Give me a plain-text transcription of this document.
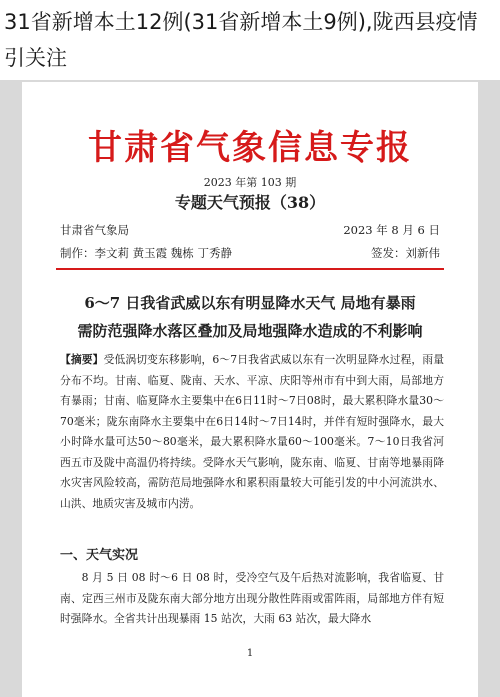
31省新增本土12例(31省新增本土9例),陇西县疫情引关注
甘肃省气象信息专报
2023 年第 103 期
专题天气预报（38）
甘肃省气象局	2023 年 8 月 6 日
制作：李文莉 黄玉霞 魏栋 丁秀静	签发：刘新伟
6～7 日我省武威以东有明显降水天气 局地有暴雨
需防范强降水落区叠加及局地强降水造成的不利影响
【摘要】受低涡切变东移影响，6～7日我省武威以东有一次明显降水过程，雨量分布不均。甘南、临夏、陇南、天水、平凉、庆阳等州市有中到大雨，局部地方有暴雨；甘南、临夏降水主要集中在6日11时～7日08时，最大累积降水量30～70毫米；陇东南降水主要集中在6日14时～7日14时，并伴有短时强降水，最大小时降水量可达50～80毫米，最大累积降水量60～100毫米。7～10日我省河西五市及陇中高温仍将持续。受降水天气影响，陇东南、临夏、甘南等地暴雨降水灾害风险较高，需防范局地强降水和累积雨量较大可能引发的中小河流洪水、山洪、地质灾害及城市内涝。
一、天气实况
8 月 5 日 08 时～6 日 08 时，受冷空气及午后热对流影响，我省临夏、甘南、定西三州市及陇东南大部分地方出现分散性阵雨或雷阵雨，局部地方伴有短时强降水。全省共计出现暴雨 15 站次，大雨 63 站次，最大降水
1
